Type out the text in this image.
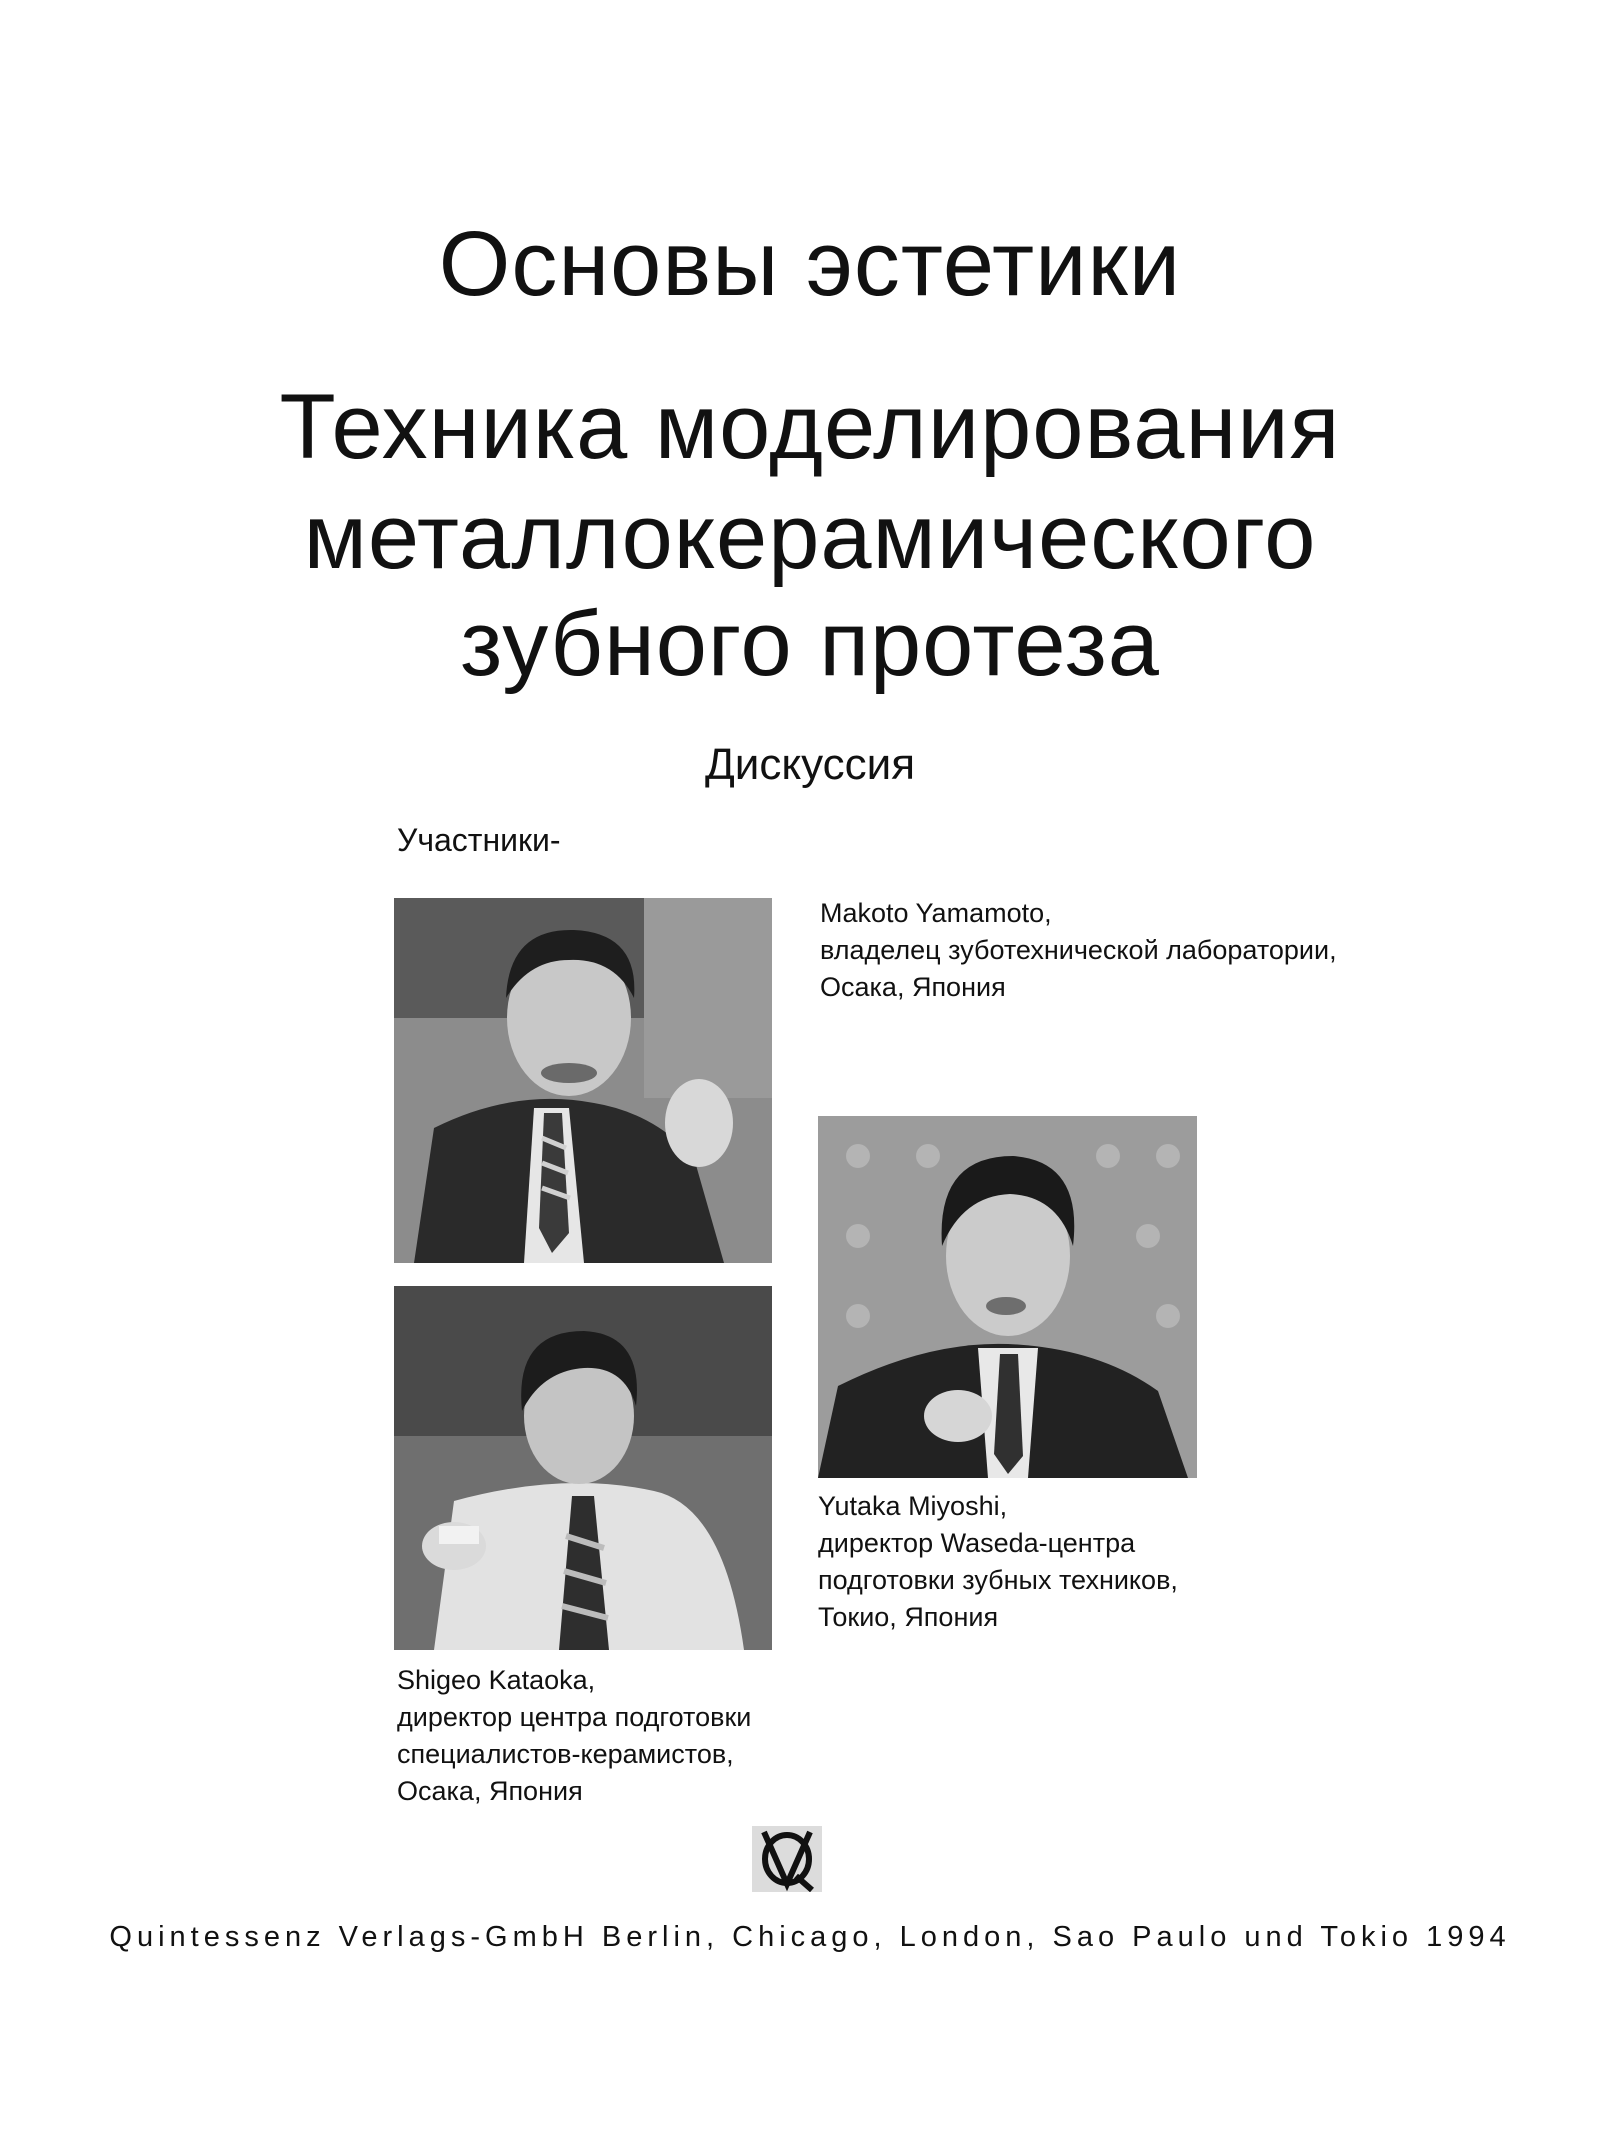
Основы эстетики
Техника моделирования
металлокерамического
зубного протеза
Дискуссия
Участники-
Makoto Yamamoto,
владелец зуботехнической лаборатории,
Осака, Япония
Yutaka Miyoshi,
директор Waseda-центра
подготовки зубных техников,
Токио, Япония
Shigeo Kataoka,
директор центра подготовки
специалистов-керамистов,
Осака, Япония
Quintessenz Verlags-GmbH Berlin, Chicago, London, Sao Paulo und Tokio 1994
